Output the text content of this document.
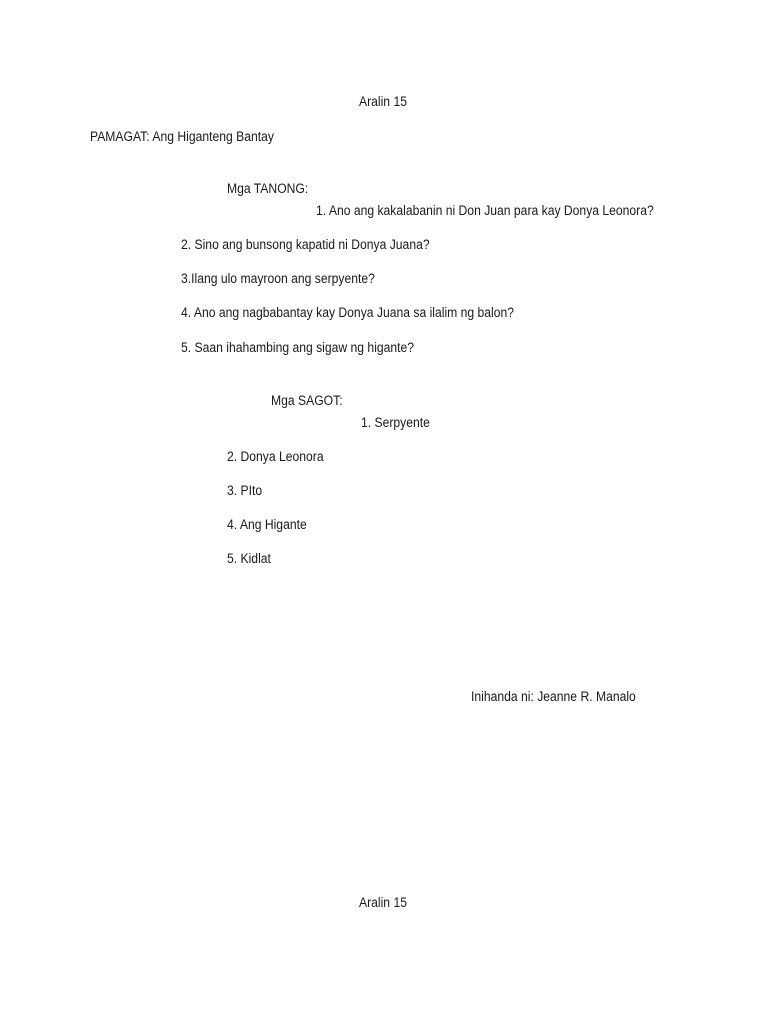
Aralin 15
PAMAGAT: Ang Higanteng Bantay
Mga TANONG:
1. Ano ang kakalabanin ni Don Juan para kay Donya Leonora?
2. Sino ang bunsong kapatid ni Donya Juana?
3.Ilang ulo mayroon ang serpyente?
4. Ano ang nagbabantay kay Donya Juana sa ilalim ng balon?
5. Saan ihahambing ang sigaw ng higante?
Mga SAGOT:
1. Serpyente
2. Donya Leonora
3. PIto
4. Ang Higante
5. Kidlat
Inihanda ni: Jeanne R. Manalo
Aralin 15
